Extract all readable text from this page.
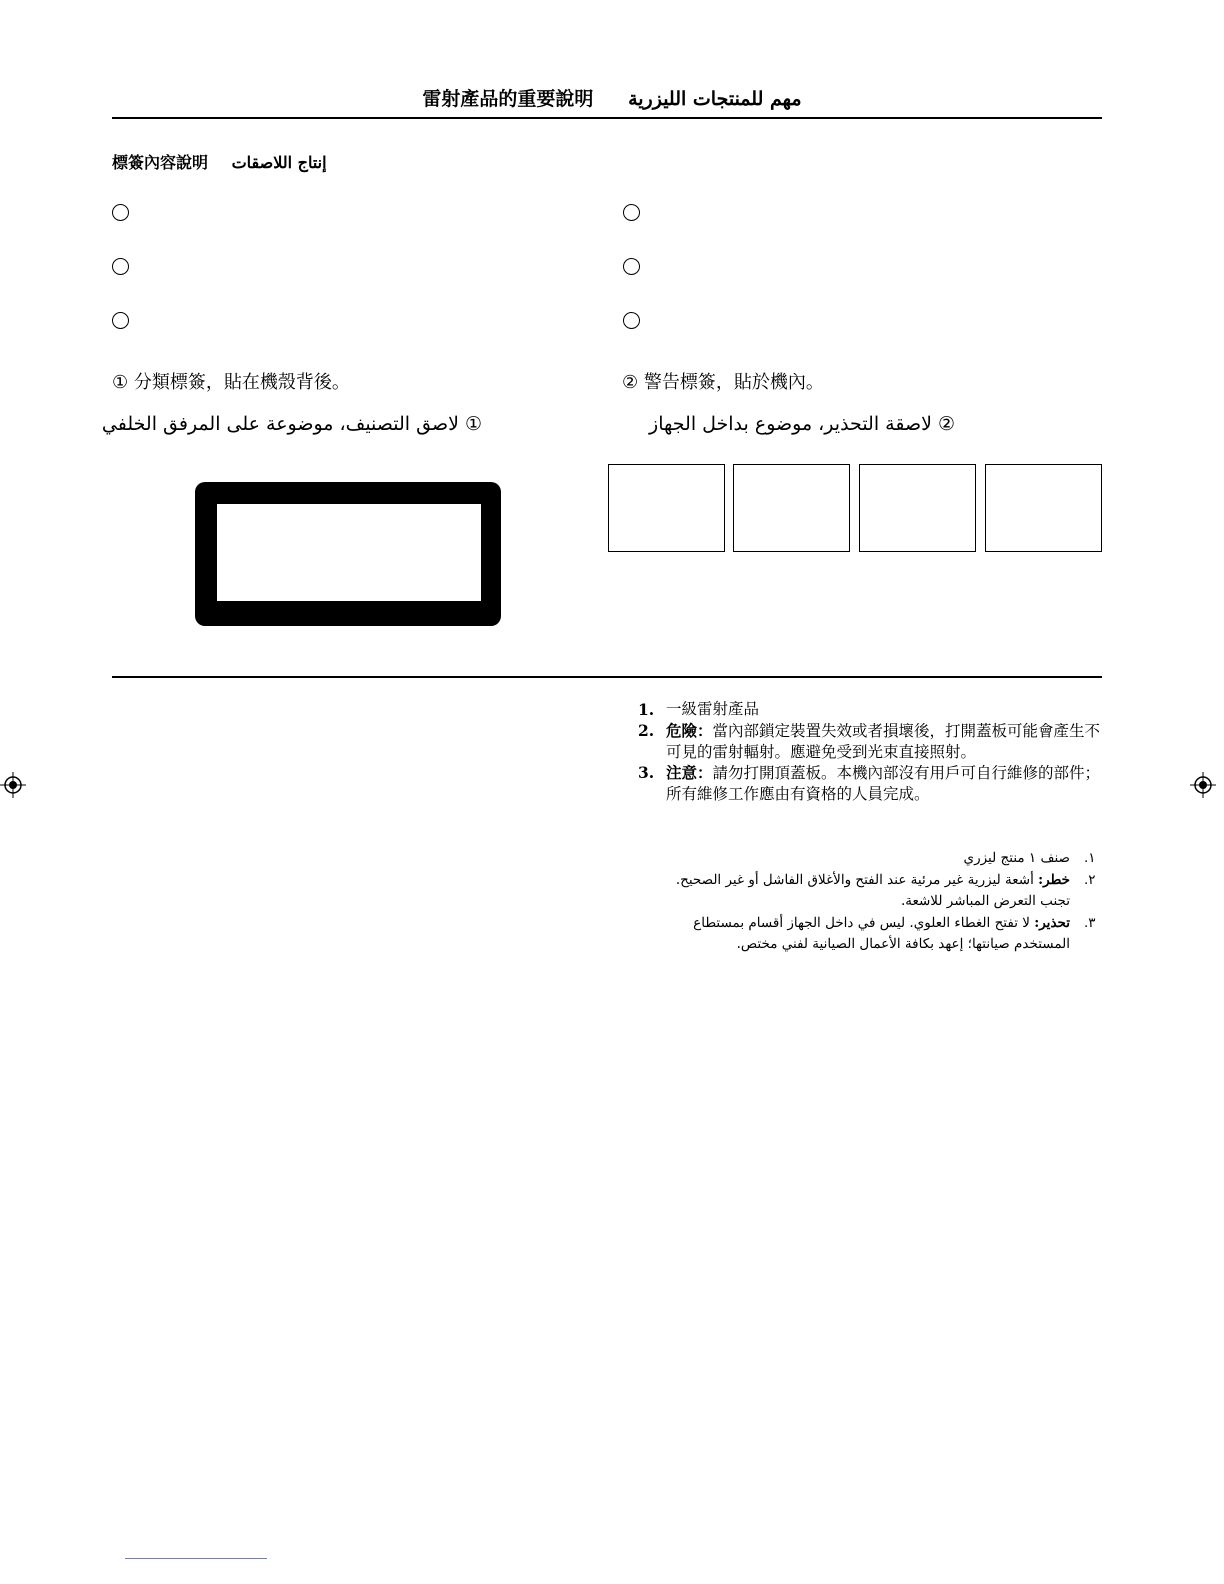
雷射產品的重要說明 مهم للمنتجات الليزرية
標簽內容說明 إنتاج اللاصقات
① 分類標簽，貼在機殼背後。
① لاصق التصنيف، موضوعة على المرفق الخلفي
② 警告標簽，貼於機內。
② لاصقة التحذير، موضوع بداخل الجهاز
1. 一級雷射產品
2. 危險：當內部鎖定裝置失效或者損壞後，打開蓋板可能會產生不可見的雷射輻射。應避免受到光束直接照射。
3. 注意：請勿打開頂蓋板。本機內部沒有用戶可自行維修的部件；所有維修工作應由有資格的人員完成。
صنف ١ منتج ليزري .١
خطر: أشعة ليزرية غير مرئية عند الفتح والأغلاق الفاشل أو غير الصحيح.
تجنب التعرض المباشر للاشعة.
.٢
تحذير: لا تفتح الغطاء العلوي. ليس في داخل الجهاز أقسام بمستطاع
المستخدم صيانتها؛ إعهد بكافة الأعمال الصيانية لفني مختص.
.٣
